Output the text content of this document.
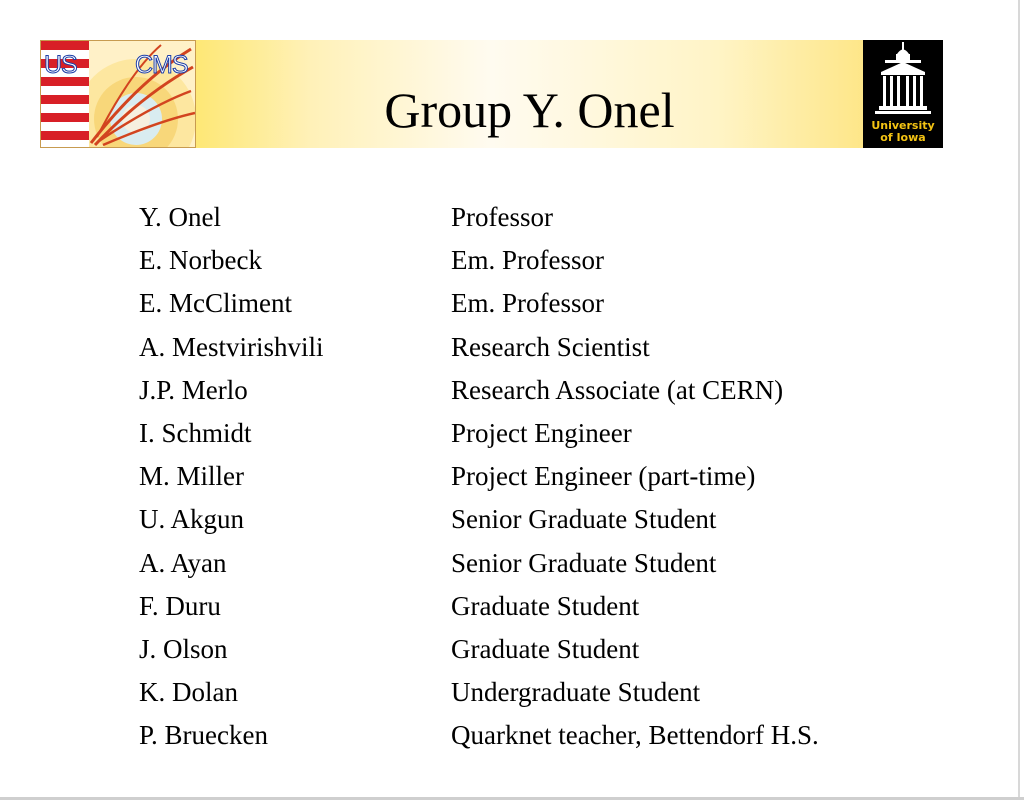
US CMS
Group Y. Onel	University
of Iowa
Y. Onel	Professor
E. Norbeck	Em. Professor
E. McCliment	Em. Professor
A. Mestvirishvili	Research Scientist
J.P. Merlo	Research Associate (at CERN)
I. Schmidt	Project Engineer
M. Miller	Project Engineer (part-time)
U. Akgun	Senior Graduate Student
A. Ayan	Senior Graduate Student
F. Duru	Graduate Student
J. Olson	Graduate Student
K. Dolan	Undergraduate Student
P. Bruecken	Quarknet teacher, Bettendorf H.S.
